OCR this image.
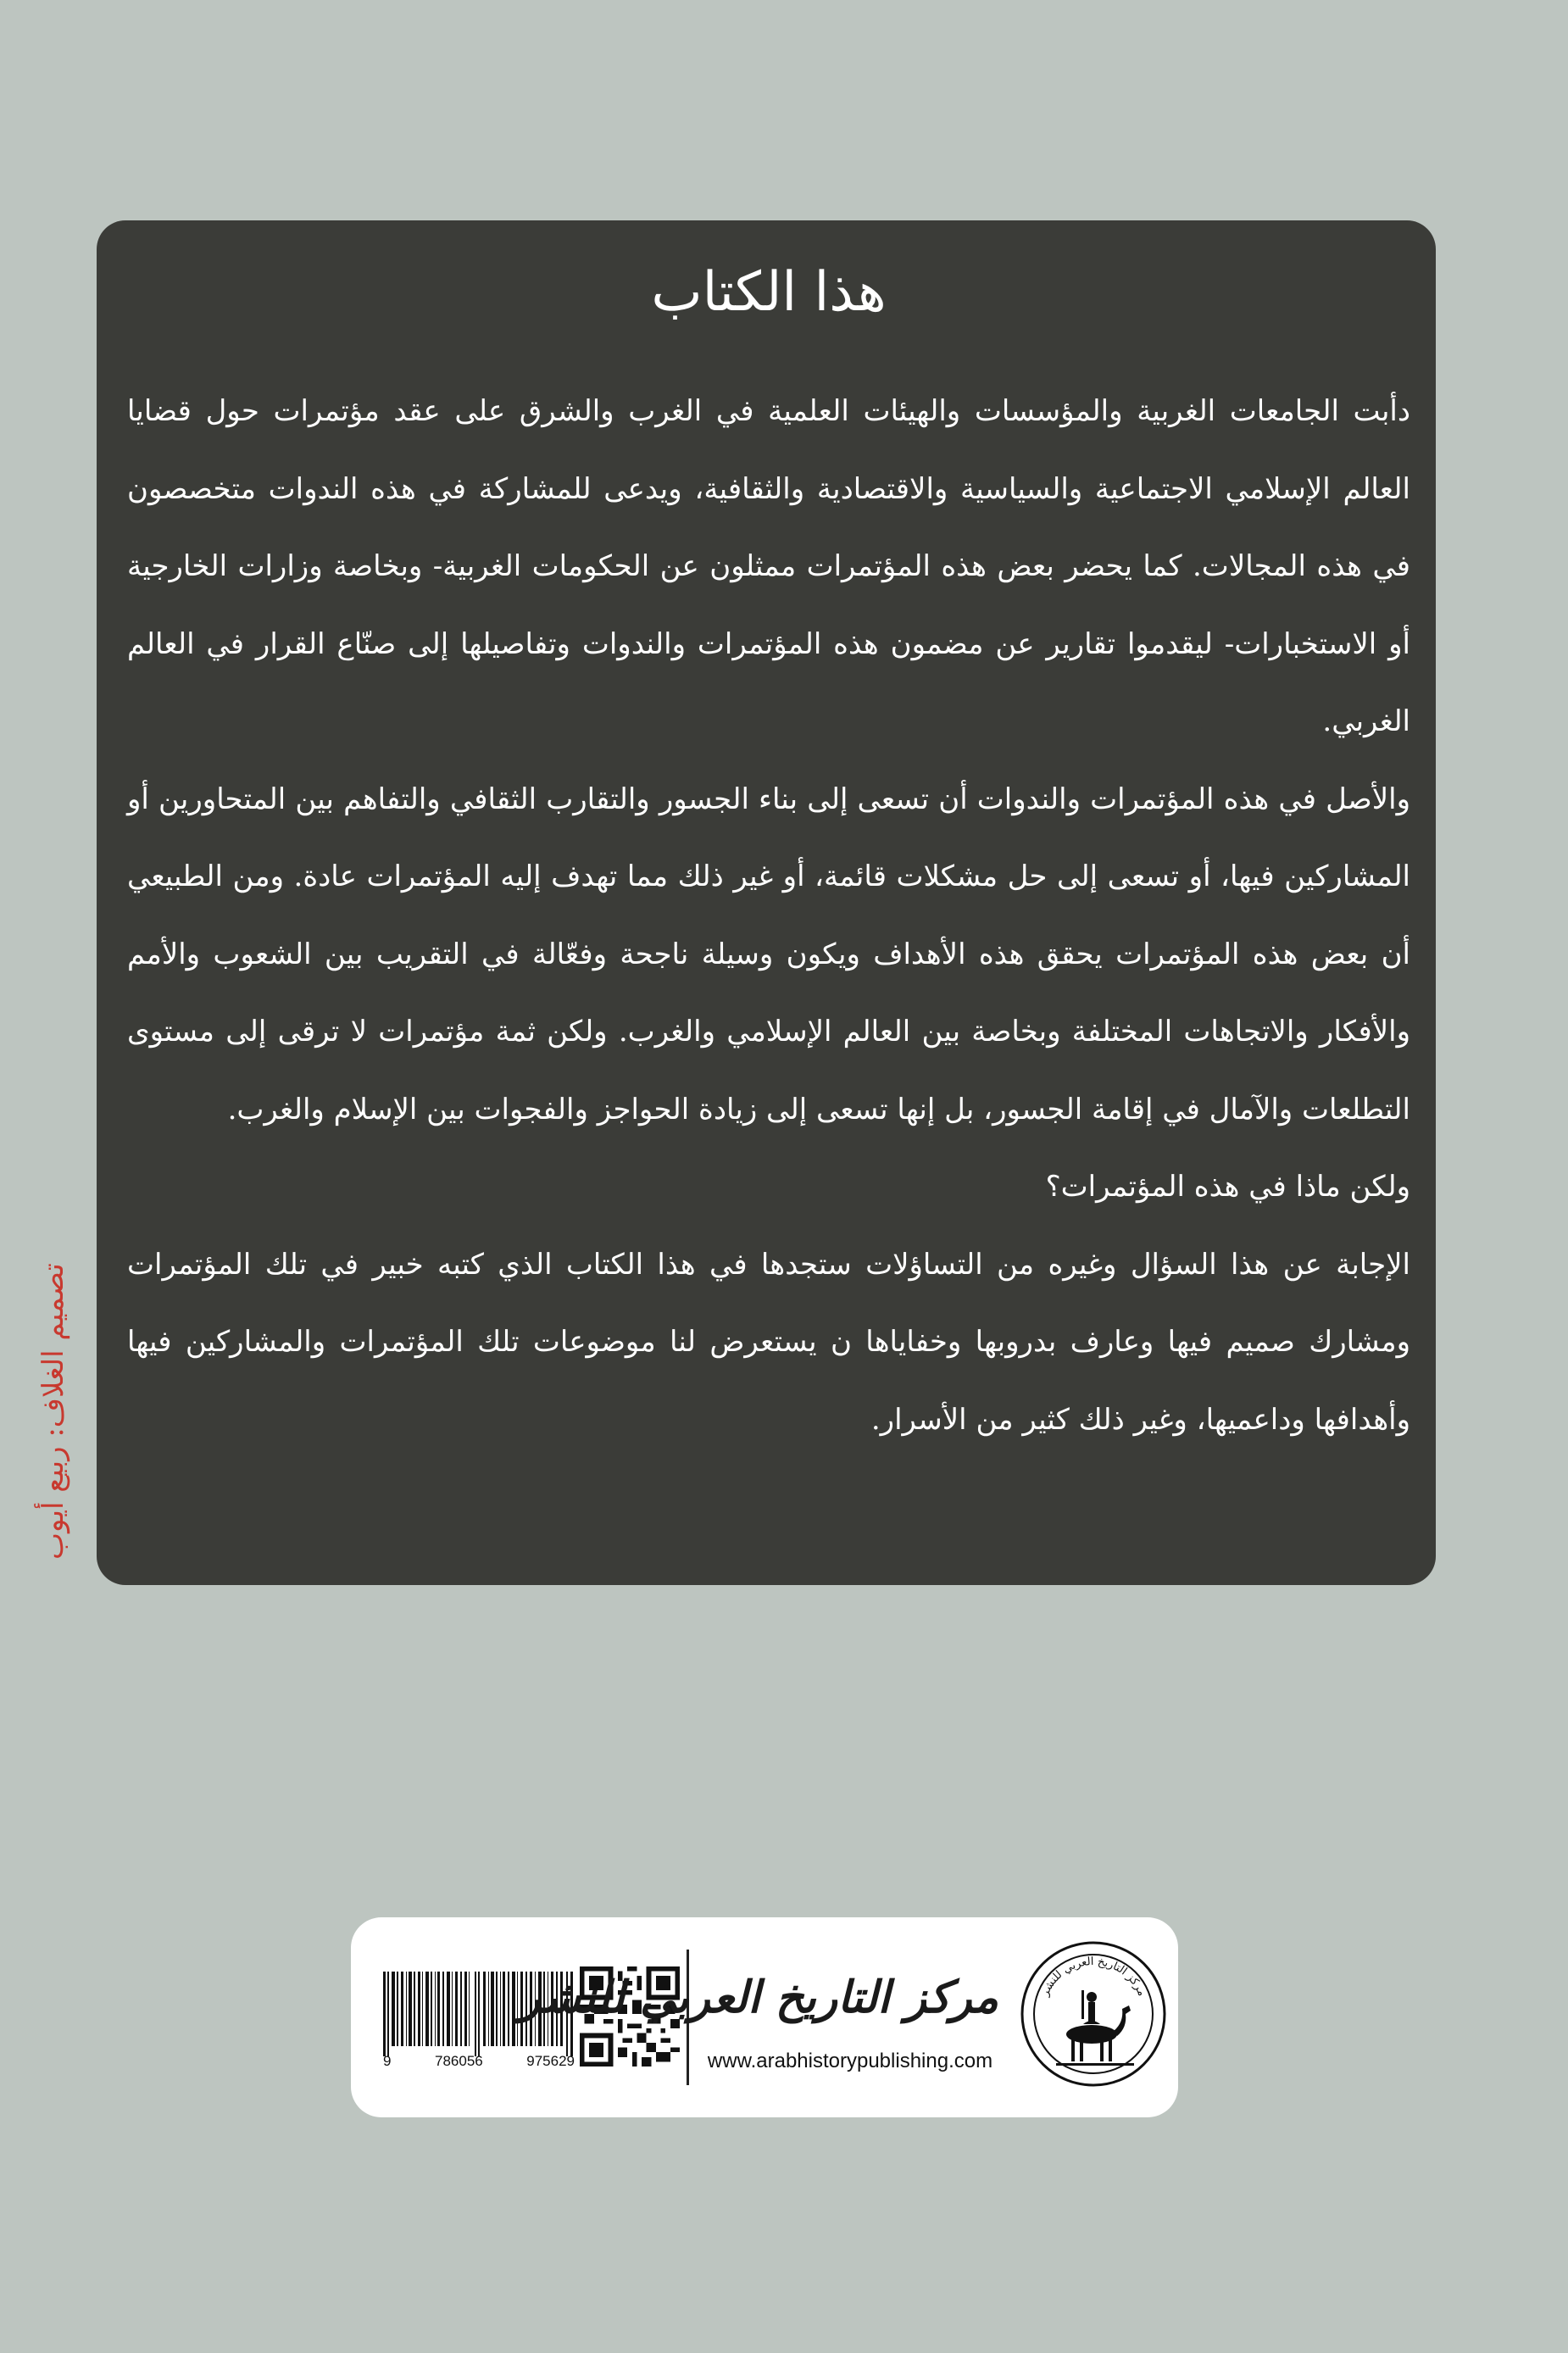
هذا الكتاب

دأبت الجامعات الغربية والمؤسسات والهيئات العلمية في الغرب والشرق على عقد مؤتمرات حول قضايا العالم الإسلامي الاجتماعية والسياسية والاقتصادية والثقافية، ويدعى للمشاركة في هذه الندوات متخصصون في هذه المجالات. كما يحضر بعض هذه المؤتمرات ممثلون عن الحكومات الغربية- وبخاصة وزارات الخارجية أو الاستخبارات- ليقدموا تقارير عن مضمون هذه المؤتمرات والندوات وتفاصيلها إلى صنّاع القرار في العالم الغربي.

والأصل في هذه المؤتمرات والندوات أن تسعى إلى بناء الجسور والتقارب الثقافي والتفاهم بين المتحاورين أو المشاركين فيها، أو تسعى إلى حل مشكلات قائمة، أو غير ذلك مما تهدف إليه المؤتمرات عادة. ومن الطبيعي أن بعض هذه المؤتمرات يحقق هذه الأهداف ويكون وسيلة ناجحة وفعّالة في التقريب بين الشعوب والأمم والأفكار والاتجاهات المختلفة وبخاصة بين العالم الإسلامي والغرب. ولكن ثمة مؤتمرات لا ترقى إلى مستوى التطلعات والآمال في إقامة الجسور، بل إنها تسعى إلى زيادة الحواجز والفجوات بين الإسلام والغرب.

ولكن ماذا في هذه المؤتمرات؟

الإجابة عن هذا السؤال وغيره من التساؤلات ستجدها في هذا الكتاب الذي كتبه خبير في تلك المؤتمرات ومشارك صميم فيها وعارف بدروبها وخفاياها ن يستعرض لنا موضوعات تلك المؤتمرات والمشاركين فيها وأهدافها وداعميها، وغير ذلك كثير من الأسرار.

تصميم الغلاف: ربيع أيوب
9	786056	975629
مركز التاريخ العربي للنشر
www.arabhistorypublishing.com
مركز التاريخ العربي للنشر
